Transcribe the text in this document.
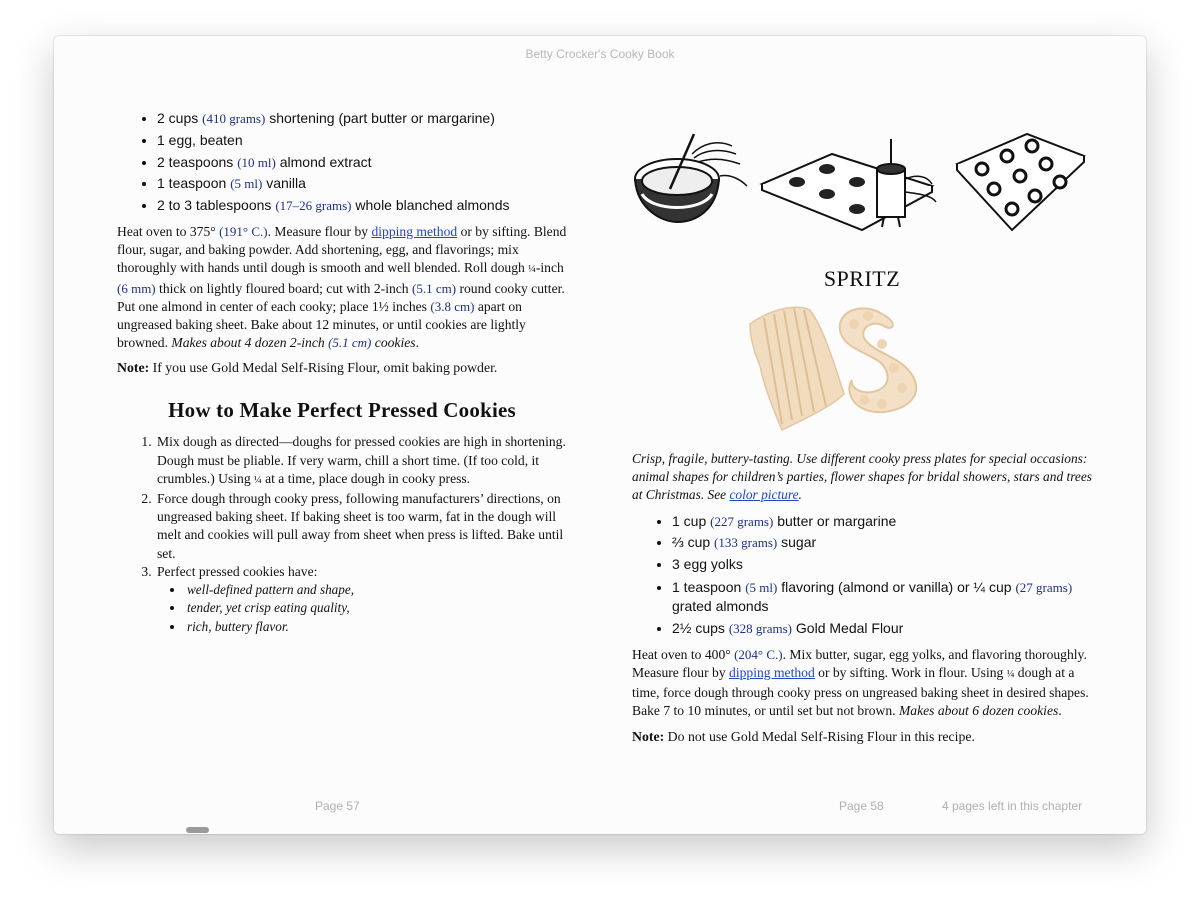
Betty Crocker's Cooky Book
• 2 cups (410 grams) shortening (part butter or margarine)
• 1 egg, beaten
• 2 teaspoons (10 ml) almond extract
• 1 teaspoon (5 ml) vanilla
• 2 to 3 tablespoons (17–26 grams) whole blanched almonds

Heat oven to 375° (191° C.). Measure flour by dipping method or by sifting. Blend flour, sugar, and baking powder. Add shortening, egg, and flavorings; mix thoroughly with hands until dough is smooth and well blended. Roll dough ¼-inch (6 mm) thick on lightly floured board; cut with 2-inch (5.1 cm) round cooky cutter. Put one almond in center of each cooky; place 1½ inches (3.8 cm) apart on ungreased baking sheet. Bake about 12 minutes, or until cookies are lightly browned. Makes about 4 dozen 2-inch (5.1 cm) cookies.

Note: If you use Gold Medal Self-Rising Flour, omit baking powder.

How to Make Perfect Pressed Cookies
1. Mix dough as directed—doughs for pressed cookies are high in shortening. Dough must be pliable. If very warm, chill a short time. (If too cold, it crumbles.) Using ¼ at a time, place dough in cooky press.
2. Force dough through cooky press, following manufacturers’ directions, on ungreased baking sheet. If baking sheet is too warm, fat in the dough will melt and cookies will pull away from sheet when press is lifted. Bake until set.
3. Perfect pressed cookies have:
• well-defined pattern and shape,
• tender, yet crisp eating quality,
• rich, buttery flavor.
SPRITZ

Crisp, fragile, buttery-tasting. Use different cooky press plates for special occasions: animal shapes for children’s parties, flower shapes for bridal showers, stars and trees at Christmas. See color picture.

• 1 cup (227 grams) butter or margarine
• ⅔ cup (133 grams) sugar
• 3 egg yolks
• 1 teaspoon (5 ml) flavoring (almond or vanilla) or ¼ cup (27 grams) grated almonds
• 2½ cups (328 grams) Gold Medal Flour

Heat oven to 400° (204° C.). Mix butter, sugar, egg yolks, and flavoring thoroughly. Measure flour by dipping method or by sifting. Work in flour. Using ¼ dough at a time, force dough through cooky press on ungreased baking sheet in desired shapes. Bake 7 to 10 minutes, or until set but not brown. Makes about 6 dozen cookies.

Note: Do not use Gold Medal Self-Rising Flour in this recipe.

Page 57	Page 58	4 pages left in this chapter
